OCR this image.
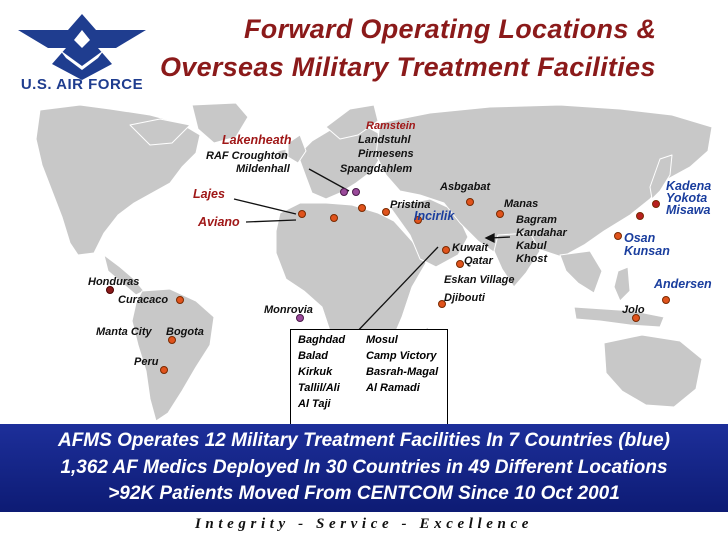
U.S. AIR FORCE
Forward Operating Locations &
Overseas Military Treatment Facilities
Lakenheath
RAF Croughton
Mildenhall
Ramstein
Landstuhl
Pirmesens
Spangdahlem
Lajes
Aviano
Pristina
Incirlik
Asbgabat
Manas
Bagram
Kandahar
Kabul
Khost
Kuwait
Qatar
Eskan Village
Djibouti
Kadena
Yokota
Misawa
Osan
Kunsan
Andersen
Jolo
Honduras
Curacaco
Manta City Bogota
Peru
Monrovia
Baghdad	Mosul
Balad	Camp Victory
Kirkuk	Basrah-Magal
Tallil/Ali	Al Ramadi
Al Taji
AFMS Operates 12 Military Treatment Facilities In 7 Countries (blue)
1,362 AF Medics Deployed In 30 Countries in 49 Different Locations
>92K Patients Moved From CENTCOM Since 10 Oct 2001
Integrity - Service - Excellence
